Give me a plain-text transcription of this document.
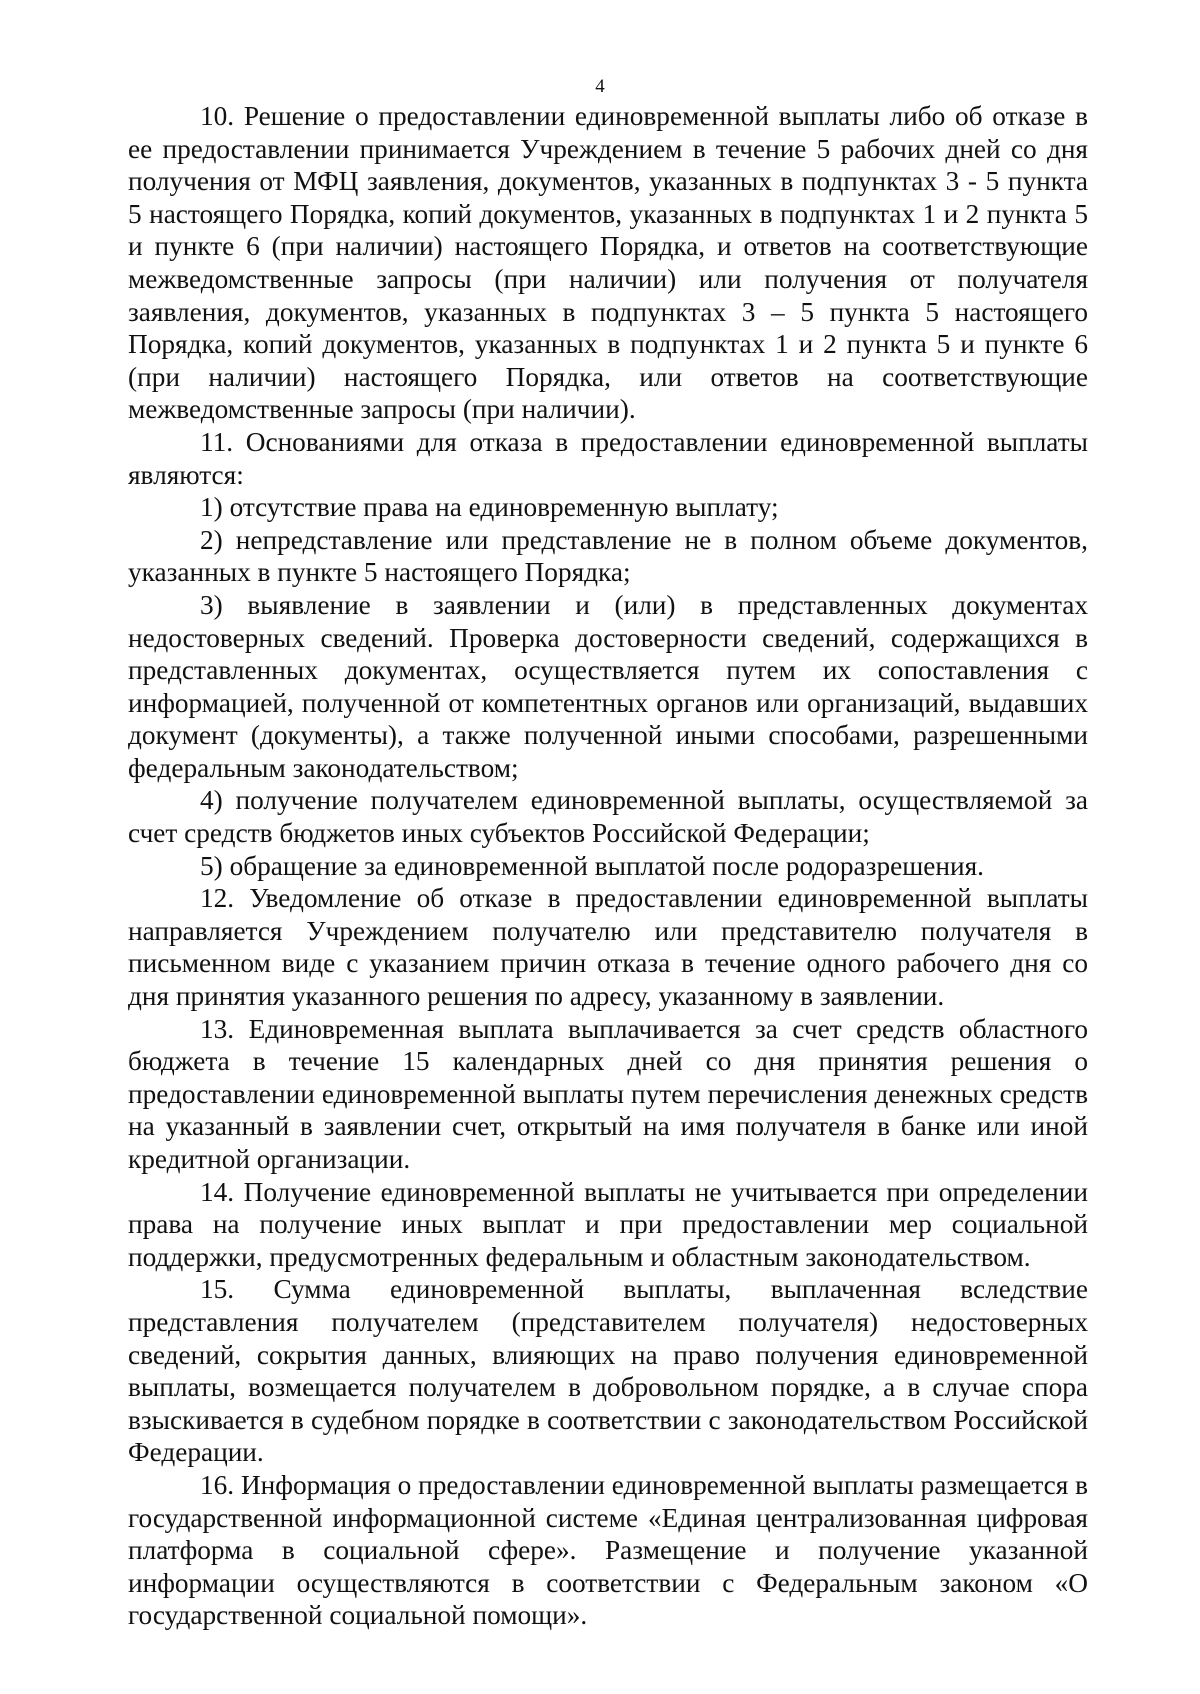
4

10. Решение о предоставлении единовременной выплаты либо об отказе в ее предоставлении принимается Учреждением в течение 5 рабочих дней со дня получения от МФЦ заявления, документов, указанных в подпунктах 3 - 5 пункта 5 настоящего Порядка, копий документов, указанных в подпунктах 1 и 2 пункта 5 и пункте 6 (при наличии) настоящего Порядка, и ответов на соответствующие межведомственные запросы (при наличии) или получения от получателя заявления, документов, указанных в подпунктах 3 – 5 пункта 5 настоящего Порядка, копий документов, указанных в подпунктах 1 и 2 пункта 5 и пункте 6 (при наличии) настоящего Порядка, или ответов на соответствующие межведомственные запросы (при наличии).

11. Основаниями для отказа в предоставлении единовременной выплаты являются:

1) отсутствие права на единовременную выплату;

2) непредставление или представление не в полном объеме документов, указанных в пункте 5 настоящего Порядка;

3) выявление в заявлении и (или) в представленных документах недостоверных сведений. Проверка достоверности сведений, содержащихся в представленных документах, осуществляется путем их сопоставления с информацией, полученной от компетентных органов или организаций, выдавших документ (документы), а также полученной иными способами, разрешенными федеральным законодательством;

4) получение получателем единовременной выплаты, осуществляемой за счет средств бюджетов иных субъектов Российской Федерации;

5) обращение за единовременной выплатой после родоразрешения.

12. Уведомление об отказе в предоставлении единовременной выплаты направляется Учреждением получателю или представителю получателя в письменном виде с указанием причин отказа в течение одного рабочего дня со дня принятия указанного решения по адресу, указанному в заявлении.

13. Единовременная выплата выплачивается за счет средств областного бюджета в течение 15 календарных дней со дня принятия решения о предоставлении единовременной выплаты путем перечисления денежных средств на указанный в заявлении счет, открытый на имя получателя в банке или иной кредитной организации.

14. Получение единовременной выплаты не учитывается при определении права на получение иных выплат и при предоставлении мер социальной поддержки, предусмотренных федеральным и областным законодательством.

15. Сумма единовременной выплаты, выплаченная вследствие представления получателем (представителем получателя) недостоверных сведений, сокрытия данных, влияющих на право получения единовременной выплаты, возмещается получателем в добровольном порядке, а в случае спора взыскивается в судебном порядке в соответствии с законодательством Российской Федерации.

16. Информация о предоставлении единовременной выплаты размещается в государственной информационной системе «Единая централизованная цифровая платформа в социальной сфере». Размещение и получение указанной информации осуществляются в соответствии с Федеральным законом «О государственной социальной помощи».
